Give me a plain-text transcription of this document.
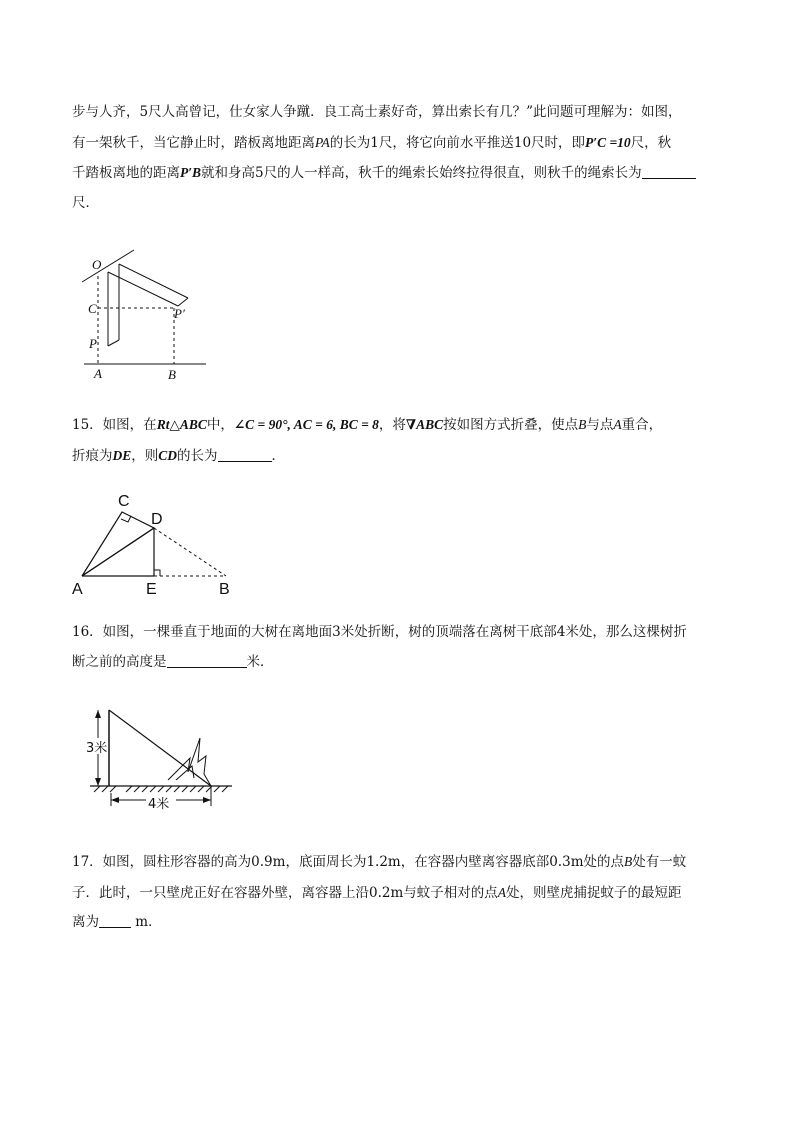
步与人齐，5尺人高曾记，仕女家人争蹴．良工高士素好奇，算出索长有几？”此问题可理解为：如图，

有一架秋千，当它静止时，踏板离地距离PA的长为1尺，将它向前水平推送10尺时，即P′C =10尺，秋

千踏板离地的距离P′B就和身高5尺的人一样高，秋千的绳索长始终拉得很直，则秋千的绳索长为

尺．

O
C
P
P′
A	B

15．如图，在Rt△ABC中，∠C = 90°, AC = 6, BC = 8，将∇ABC按如图方式折叠，使点B与点A重合，

折痕为DE，则CD的长为	．

C
D
A	E	B

16．如图，一棵垂直于地面的大树在离地面3米处折断，树的顶端落在离树干底部4米处，那么这棵树折

断之前的高度是	米．

3米
4米

17．如图，圆柱形容器的高为0.9m，底面周长为1.2m，在容器内壁离容器底部0.3m处的点B处有一蚊

子．此时，一只壁虎正好在容器外壁，离容器上沿0.2m与蚊子相对的点A处，则壁虎捕捉蚊子的最短距

离为 m．
